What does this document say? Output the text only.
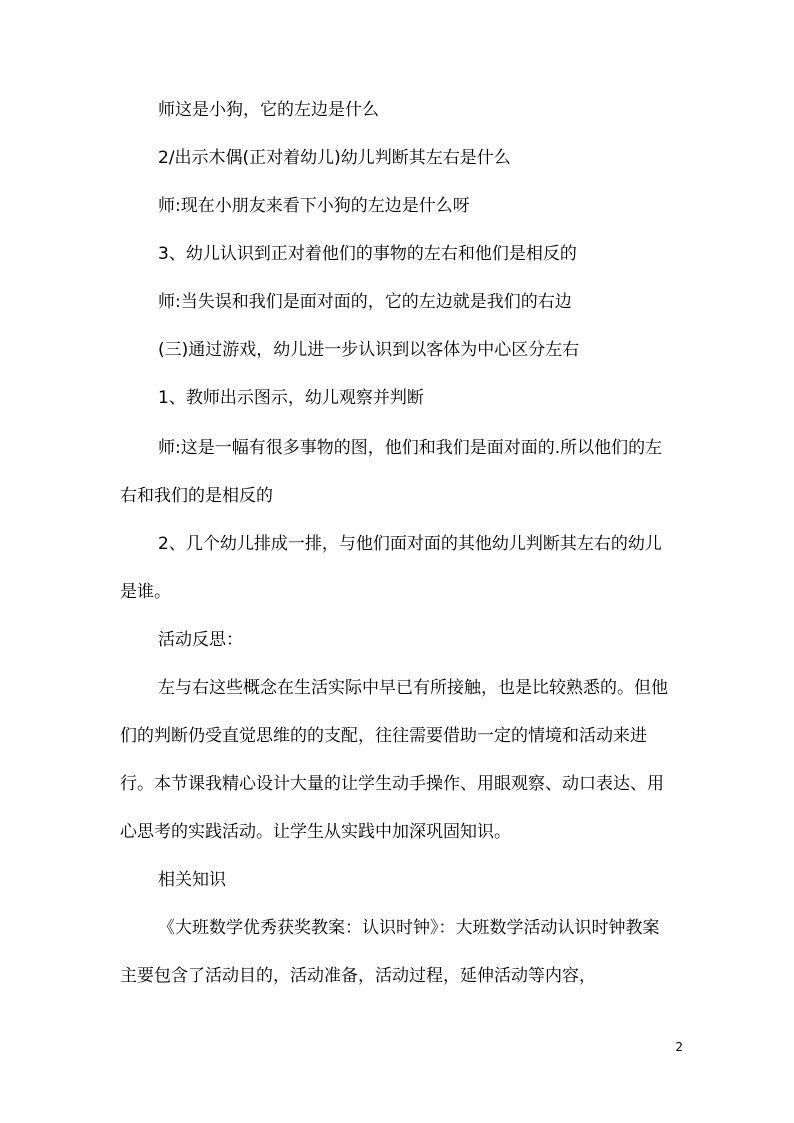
师这是小狗，它的左边是什么

2/出示木偶(正对着幼儿)幼儿判断其左右是什么

师:现在小朋友来看下小狗的左边是什么呀

3、幼儿认识到正对着他们的事物的左右和他们是相反的

师:当失误和我们是面对面的，它的左边就是我们的右边

(三)通过游戏，幼儿进一步认识到以客体为中心区分左右

1、教师出示图示，幼儿观察并判断

师:这是一幅有很多事物的图，他们和我们是面对面的.所以他们的左右和我们的是相反的

2、几个幼儿排成一排，与他们面对面的其他幼儿判断其左右的幼儿是谁。

活动反思：

左与右这些概念在生活实际中早已有所接触，也是比较熟悉的。但他们的判断仍受直觉思维的的支配，往往需要借助一定的情境和活动来进行。本节课我精心设计大量的让学生动手操作、用眼观察、动口表达、用心思考的实践活动。让学生从实践中加深巩固知识。

相关知识

《大班数学优秀获奖教案：认识时钟》：大班数学活动认识时钟教案主要包含了活动目的，活动准备，活动过程，延伸活动等内容，

2
